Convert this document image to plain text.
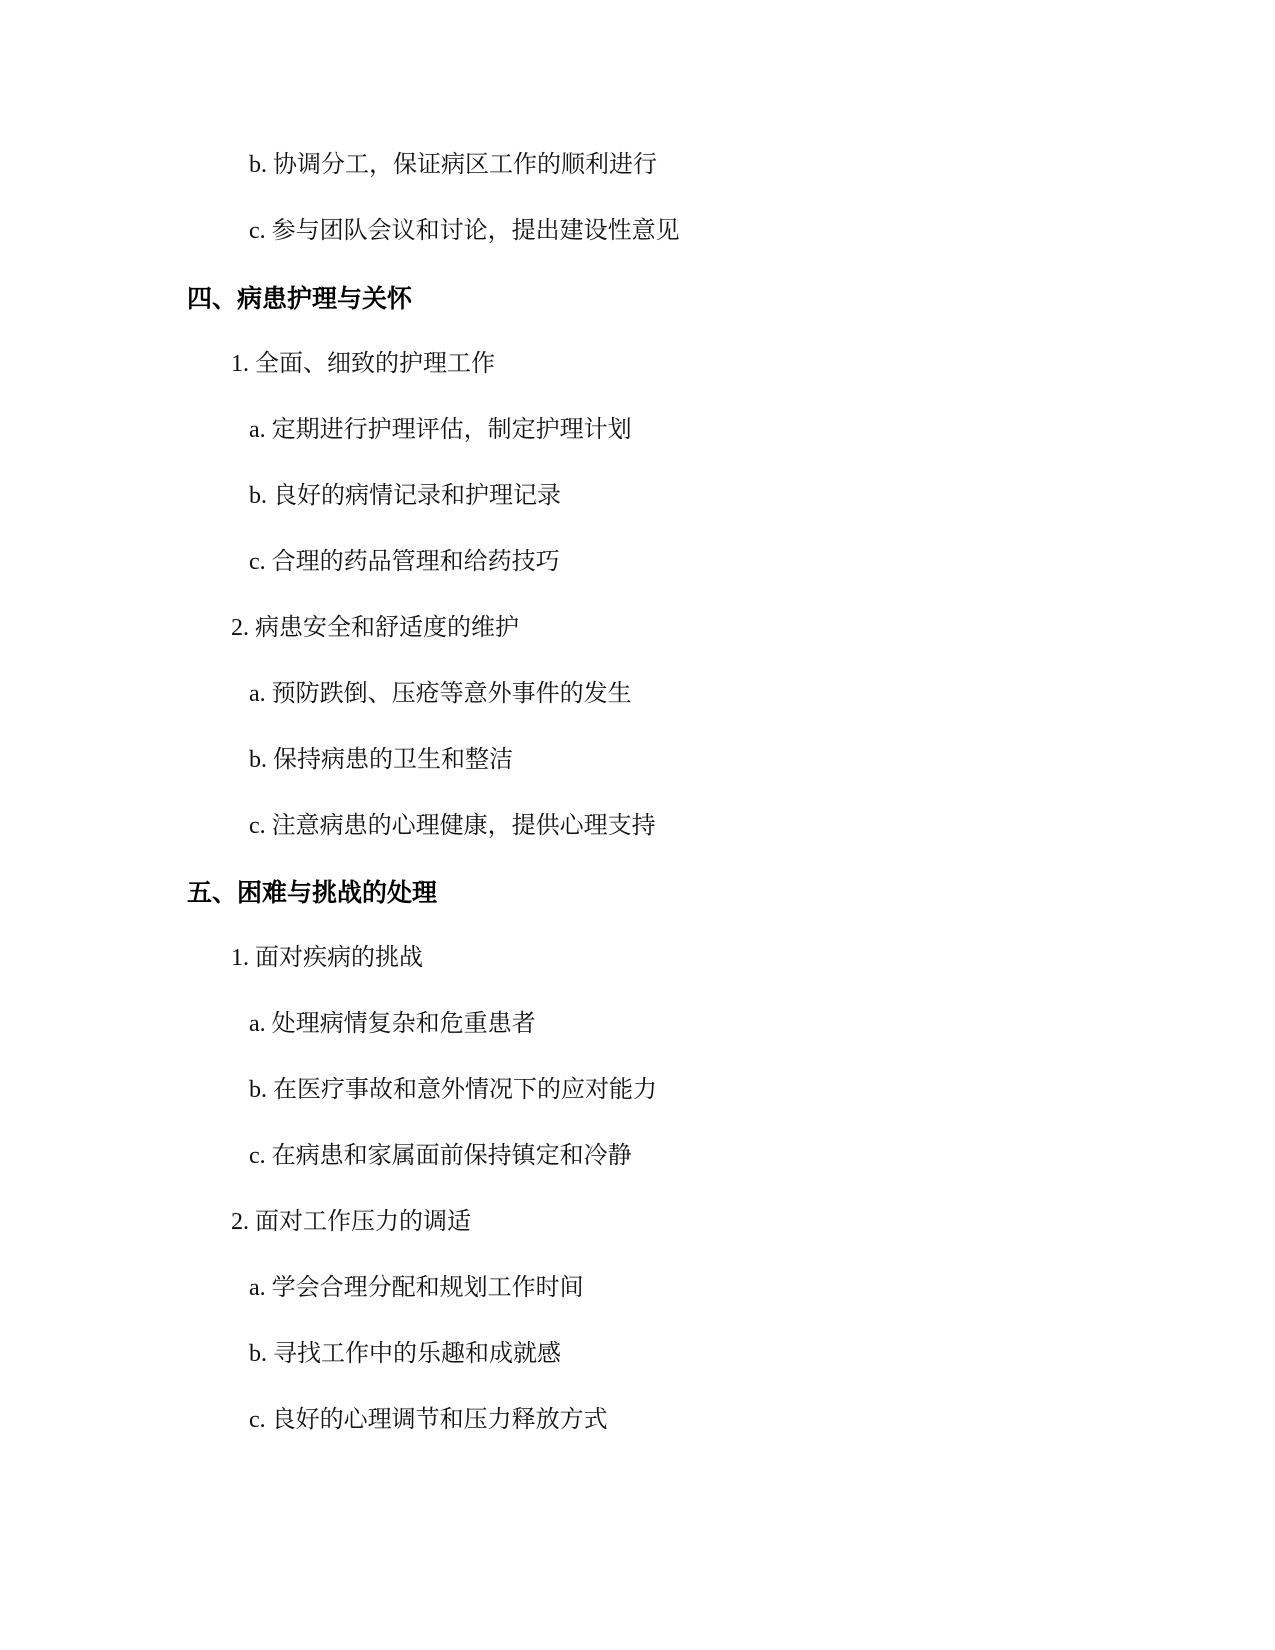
b. 协调分工，保证病区工作的顺利进行
c. 参与团队会议和讨论，提出建设性意见
四、病患护理与关怀
1. 全面、细致的护理工作
a. 定期进行护理评估，制定护理计划
b. 良好的病情记录和护理记录
c. 合理的药品管理和给药技巧
2. 病患安全和舒适度的维护
a. 预防跌倒、压疮等意外事件的发生
b. 保持病患的卫生和整洁
c. 注意病患的心理健康，提供心理支持
五、困难与挑战的处理
1. 面对疾病的挑战
a. 处理病情复杂和危重患者
b. 在医疗事故和意外情况下的应对能力
c. 在病患和家属面前保持镇定和冷静
2. 面对工作压力的调适
a. 学会合理分配和规划工作时间
b. 寻找工作中的乐趣和成就感
c. 良好的心理调节和压力释放方式
